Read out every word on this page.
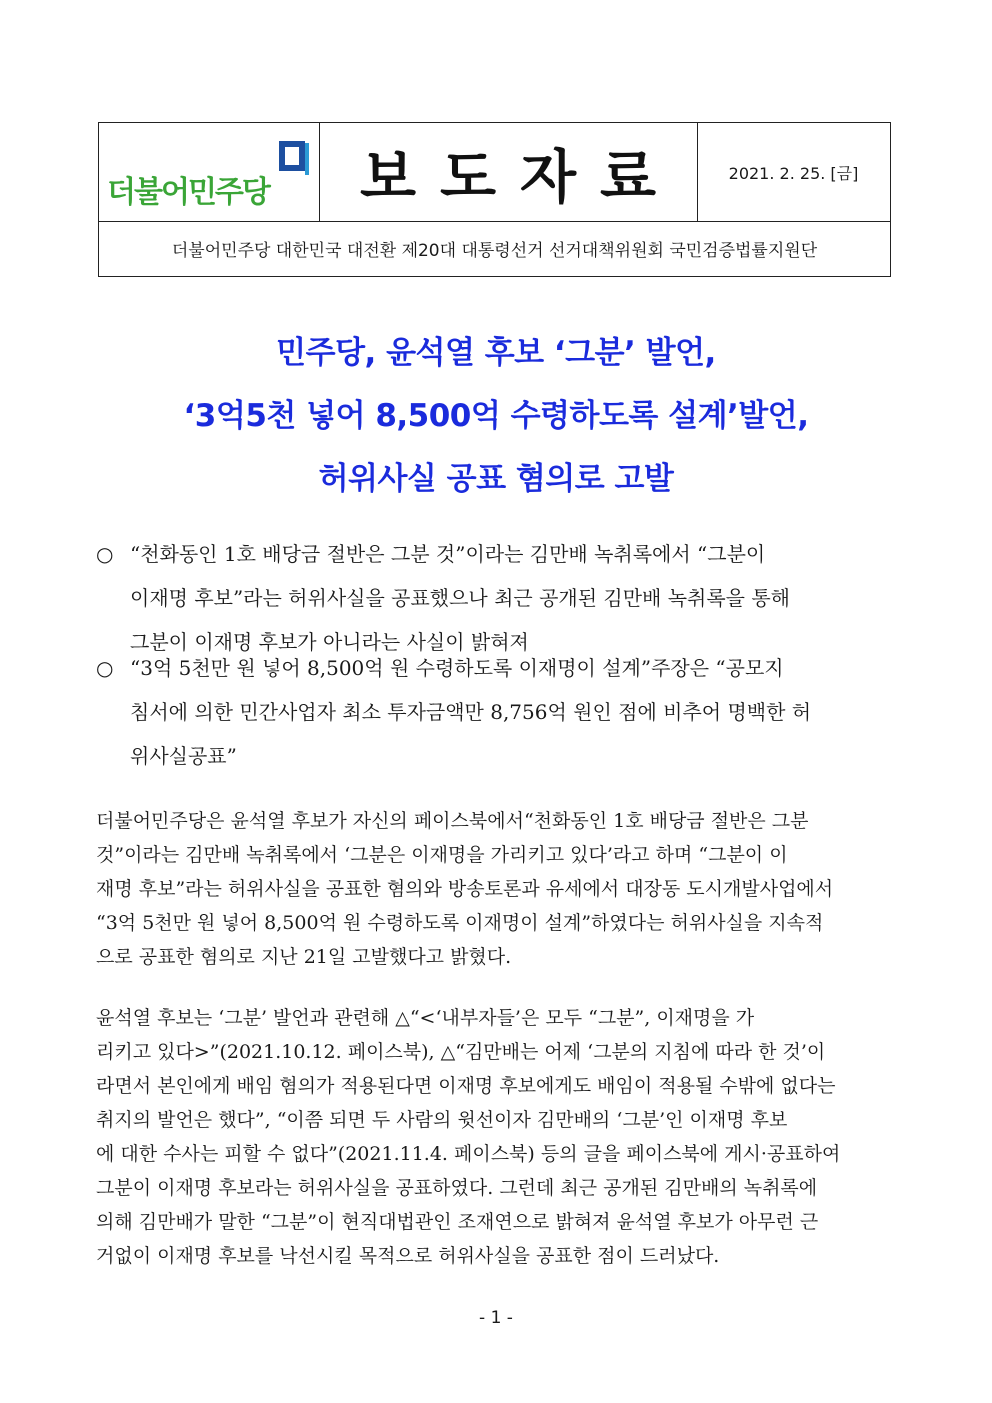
더불어민주당	보도자료	2021. 2. 25. [금]
더불어민주당 대한민국 대전환 제20대 대통령선거 선거대책위원회 국민검증법률지원단
민주당, 윤석열 후보 ‘그분’ 발언,
‘3억5천 넣어 8,500억 수령하도록 설계’발언,
허위사실 공표 혐의로 고발
○ “천화동인 1호 배당금 절반은 그분 것”이라는 김만배 녹취록에서 “그분이
이재명 후보”라는 허위사실을 공표했으나 최근 공개된 김만배 녹취록을 통해
그분이 이재명 후보가 아니라는 사실이 밝혀져
○ “3억 5천만 원 넣어 8,500억 원 수령하도록 이재명이 설계”주장은 “공모지
침서에 의한 민간사업자 최소 투자금액만 8,756억 원인 점에 비추어 명백한 허
위사실공표”
더불어민주당은 윤석열 후보가 자신의 페이스북에서“천화동인 1호 배당금 절반은 그분
것”이라는 김만배 녹취록에서 ‘그분은 이재명을 가리키고 있다’라고 하며 “그분이 이
재명 후보”라는 허위사실을 공표한 혐의와 방송토론과 유세에서 대장동 도시개발사업에서
“3억 5천만 원 넣어 8,500억 원 수령하도록 이재명이 설계”하였다는 허위사실을 지속적
으로 공표한 혐의로 지난 21일 고발했다고 밝혔다.
윤석열 후보는 ‘그분’ 발언과 관련해 △“<‘내부자들’은 모두 “그분”, 이재명을 가
리키고 있다>”(2021.10.12. 페이스북), △“김만배는 어제 ‘그분의 지침에 따라 한 것’이
라면서 본인에게 배임 혐의가 적용된다면 이재명 후보에게도 배임이 적용될 수밖에 없다는
취지의 발언은 했다”, “이쯤 되면 두 사람의 윗선이자 김만배의 ‘그분’인 이재명 후보
에 대한 수사는 피할 수 없다”(2021.11.4. 페이스북) 등의 글을 페이스북에 게시·공표하여
그분이 이재명 후보라는 허위사실을 공표하였다. 그런데 최근 공개된 김만배의 녹취록에
의해 김만배가 말한 “그분”이 현직대법관인 조재연으로 밝혀져 윤석열 후보가 아무런 근
거없이 이재명 후보를 낙선시킬 목적으로 허위사실을 공표한 점이 드러났다.
- 1 -
